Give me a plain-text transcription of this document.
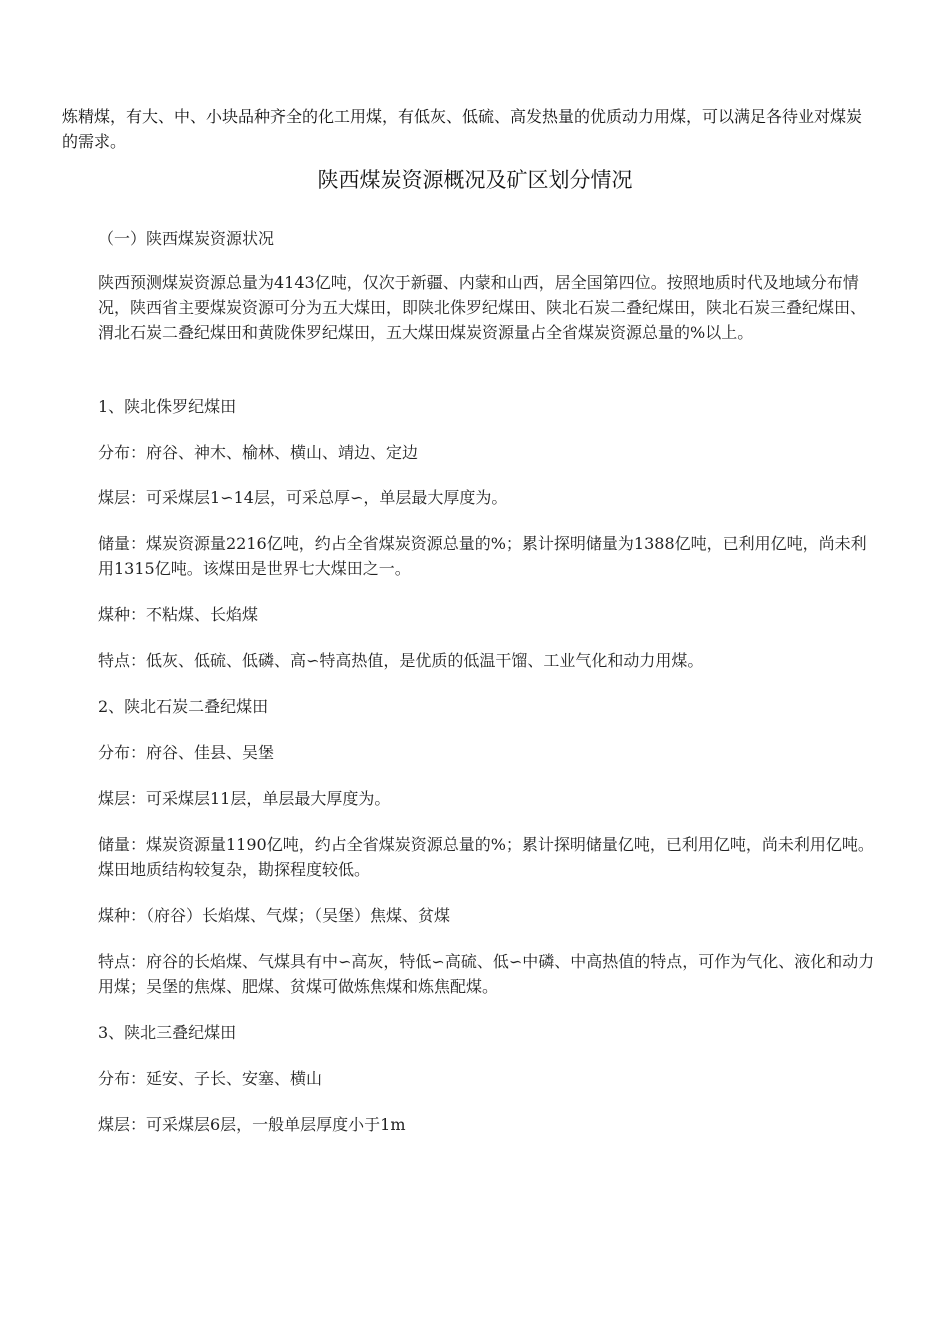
炼精煤，有大、中、小块品种齐全的化工用煤，有低灰、低硫、高发热量的优质动力用煤，可以满足各待业对煤炭的需求。
陕西煤炭资源概况及矿区划分情况
（一）陕西煤炭资源状况
陕西预测煤炭资源总量为4143亿吨，仅次于新疆、内蒙和山西，居全国第四位。按照地质时代及地域分布情况，陕西省主要煤炭资源可分为五大煤田，即陕北侏罗纪煤田、陕北石炭二叠纪煤田，陕北石炭三叠纪煤田、渭北石炭二叠纪煤田和黄陇侏罗纪煤田，五大煤田煤炭资源量占全省煤炭资源总量的%以上。
1、陕北侏罗纪煤田
分布：府谷、神木、榆林、横山、靖边、定边
煤层：可采煤层1∽14层，可采总厚∽，单层最大厚度为。
储量：煤炭资源量2216亿吨，约占全省煤炭资源总量的%；累计探明储量为1388亿吨，已利用亿吨，尚未利用1315亿吨。该煤田是世界七大煤田之一。
煤种：不粘煤、长焰煤
特点：低灰、低硫、低磷、高∽特高热值，是优质的低温干馏、工业气化和动力用煤。
2、陕北石炭二叠纪煤田
分布：府谷、佳县、吴堡
煤层：可采煤层11层，单层最大厚度为。
储量：煤炭资源量1190亿吨，约占全省煤炭资源总量的%；累计探明储量亿吨，已利用亿吨，尚未利用亿吨。煤田地质结构较复杂，勘探程度较低。
煤种：（府谷）长焰煤、气煤；（吴堡）焦煤、贫煤
特点：府谷的长焰煤、气煤具有中∽高灰，特低∽高硫、低∽中磷、中高热值的特点，可作为气化、液化和动力用煤；吴堡的焦煤、肥煤、贫煤可做炼焦煤和炼焦配煤。
3、陕北三叠纪煤田
分布：延安、子长、安塞、横山
煤层：可采煤层6层，一般单层厚度小于1m
